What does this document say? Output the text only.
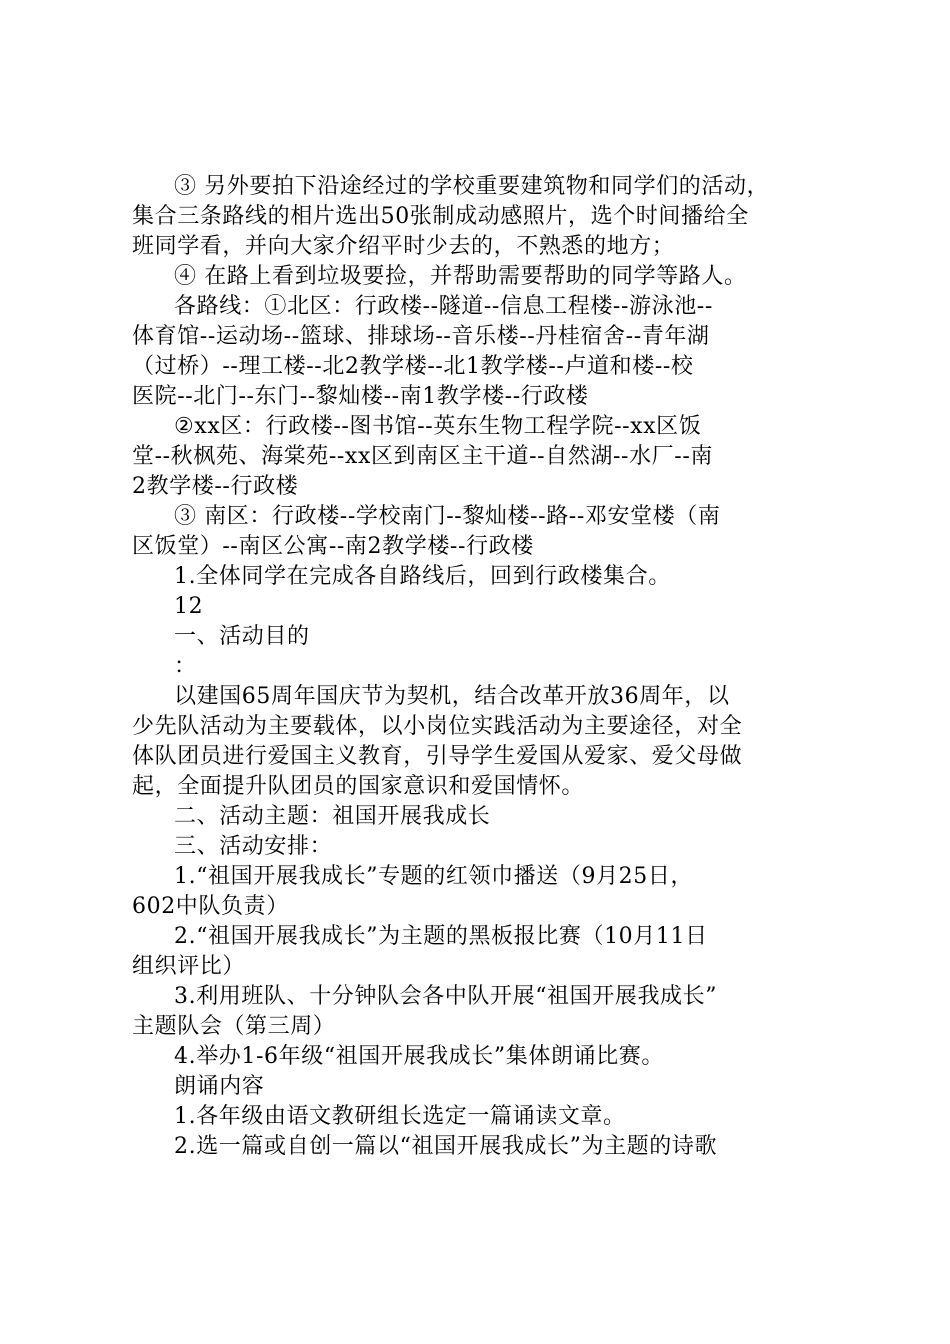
③ 另外要拍下沿途经过的学校重要建筑物和同学们的活动，
集合三条路线的相片选出50张制成动感照片，选个时间播给全
班同学看，并向大家介绍平时少去的，不熟悉的地方；
④ 在路上看到垃圾要捡，并帮助需要帮助的同学等路人。
各路线：①北区：行政楼--隧道--信息工程楼--游泳池--
体育馆--运动场--篮球、排球场--音乐楼--丹桂宿舍--青年湖
（过桥）--理工楼--北2教学楼--北1教学楼--卢道和楼--校
医院--北门--东门--黎灿楼--南1教学楼--行政楼
②xx区：行政楼--图书馆--英东生物工程学院--xx区饭
堂--秋枫苑、海棠苑--xx区到南区主干道--自然湖--水厂--南
2教学楼--行政楼
③ 南区：行政楼--学校南门--黎灿楼--路--邓安堂楼（南
区饭堂）--南区公寓--南2教学楼--行政楼
1.全体同学在完成各自路线后，回到行政楼集合。
12
一、活动目的
：
以建国65周年国庆节为契机，结合改革开放36周年，以
少先队活动为主要载体，以小岗位实践活动为主要途径，对全
体队团员进行爱国主义教育，引导学生爱国从爱家、爱父母做
起，全面提升队团员的国家意识和爱国情怀。
二、活动主题：祖国开展我成长
三、活动安排：
1.“祖国开展我成长”专题的红领巾播送（9月25日，
602中队负责）
2.“祖国开展我成长”为主题的黑板报比赛（10月11日
组织评比）
3.利用班队、十分钟队会各中队开展“祖国开展我成长”
主题队会（第三周）
4.举办1-6年级“祖国开展我成长”集体朗诵比赛。
朗诵内容
1.各年级由语文教研组长选定一篇诵读文章。
2.选一篇或自创一篇以“祖国开展我成长”为主题的诗歌
